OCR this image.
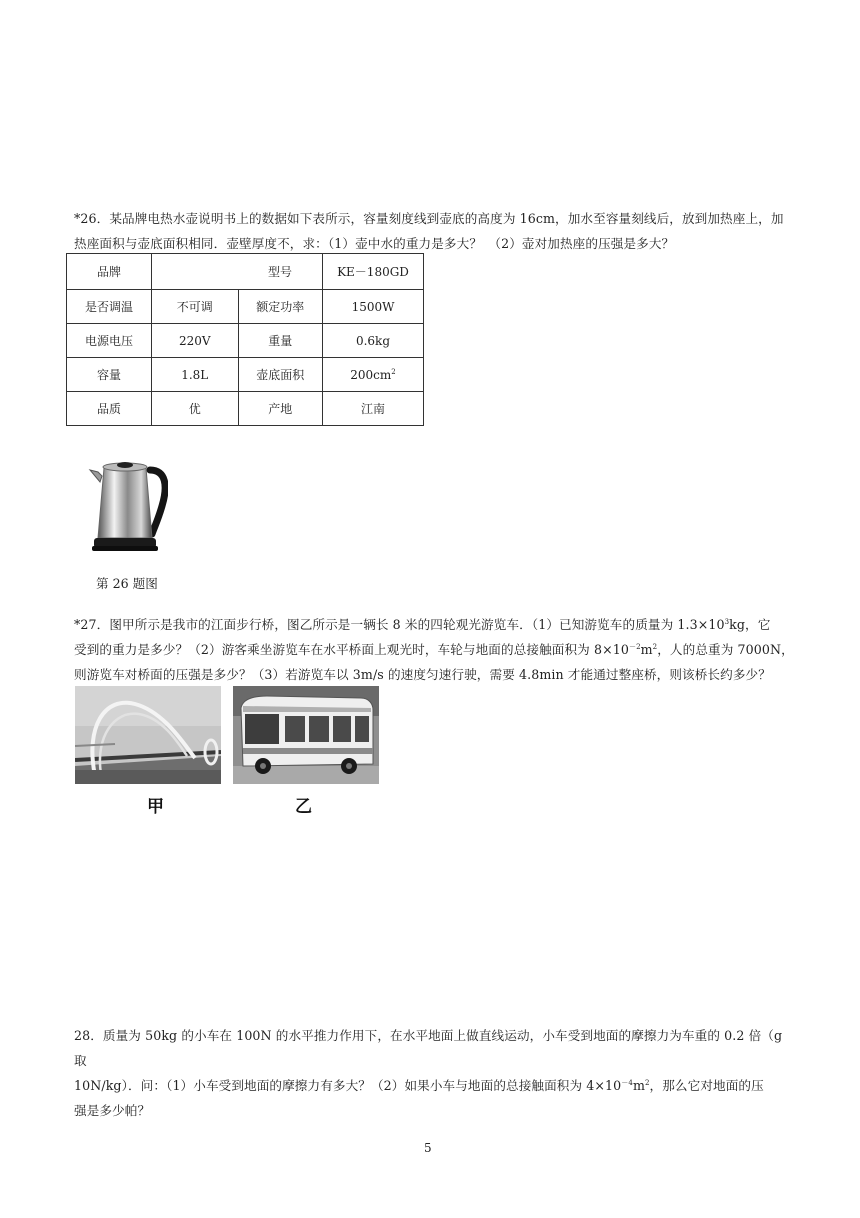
*26．某品牌电热水壶说明书上的数据如下表所示，容量刻度线到壶底的高度为 16cm，加水至容量刻线后，放到加热座上，加
热座面积与壶底面积相同．壶壁厚度不，求：（1）壶中水的重力是多大？　（2）壶对加热座的压强是多大？
品牌		型号	KE－180GD
是否调温	不可调	额定功率	1500W
电源电压	220V	重量	0.6kg
容量	1.8L	壶底面积	$200cm^2$
品质	优	产地	江南
第 26 题图
*27．图甲所示是我市的江面步行桥，图乙所示是一辆长 8 米的四轮观光游览车．（1）已知游览车的质量为 $1.3\times 10^3kg$，它
受到的重力是多少？（2）游客乘坐游览车在水平桥面上观光时，车轮与地面的总接触面积为 $8\times 10^{-2}m^2$，人的总重为 7000N，
则游览车对桥面的压强是多少？（3）若游览车以 3m/s 的速度匀速行驶，需要 4.8min 才能通过整座桥，则该桥长约多少？
甲	乙
28．质量为 50kg 的小车在 100N 的水平推力作用下，在水平地面上做直线运动，小车受到地面的摩擦力为车重的 0.2 倍（g 取
10N/kg）．问：（1）小车受到地面的摩擦力有多大？（2）如果小车与地面的总接触面积为 $4\times 10^{-4}m^2$，那么它对地面的压
强是多少帕？
5
